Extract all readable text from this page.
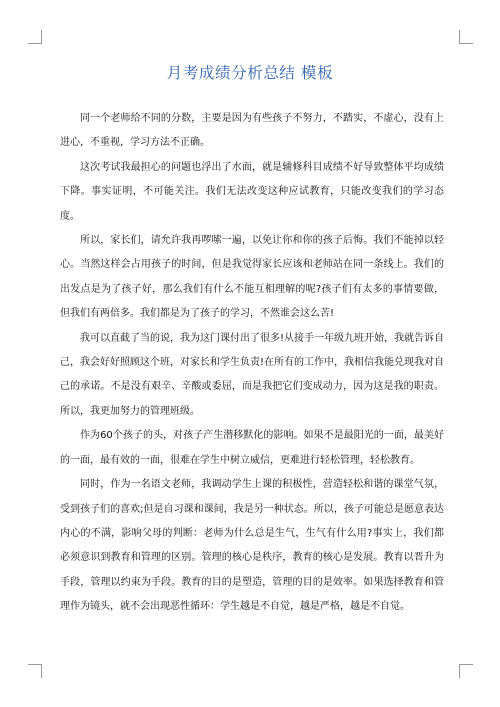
月考成绩分析总结 模板

同一个老师给不同的分数，主要是因为有些孩子不努力，不踏实，不虚心，没有上进心，不重视，学习方法不正确。

这次考试我最担心的问题也浮出了水面，就是辅修科目成绩不好导致整体平均成绩下降。事实证明，不可能关注。我们无法改变这种应试教育，只能改变我们的学习态度。

所以，家长们，请允许我再啰嗦一遍，以免让你和你的孩子后悔。我们不能掉以轻心。当然这样会占用孩子的时间，但是我觉得家长应该和老师站在同一条线上。我们的出发点是为了孩子好，那么我们有什么不能互相理解的呢?孩子们有太多的事情要做，但我们有两倍多。我们都是为了孩子的学习，不然谁会这么苦!

我可以直截了当的说，我为这门课付出了很多!从接手一年级九班开始，我就告诉自己，我会好好照顾这个班，对家长和学生负责!在所有的工作中，我相信我能兑现我对自己的承诺。不是没有艰辛、辛酸或委屈，而是我把它们变成动力，因为这是我的职责。所以，我更加努力的管理班级。

作为60个孩子的头，对孩子产生潜移默化的影响。如果不是最阳光的一面，最美好的一面，最有效的一面，很难在学生中树立威信，更难进行轻松管理，轻松教育。

同时，作为一名语文老师，我调动学生上课的积极性，营造轻松和谐的课堂气氛，受到孩子们的喜欢;但是自习课和课间，我是另一种状态。所以，孩子可能总是愿意表达内心的不满，影响父母的判断：老师为什么总是生气，生气有什么用?事实上，我们都必须意识到教育和管理的区别。管理的核心是秩序，教育的核心是发展。教育以晋升为手段，管理以约束为手段。教育的目的是塑造，管理的目的是效率。如果选择教育和管理作为镜头，就不会出现恶性循环：学生越是不自觉，越是严格，越是不自觉。
